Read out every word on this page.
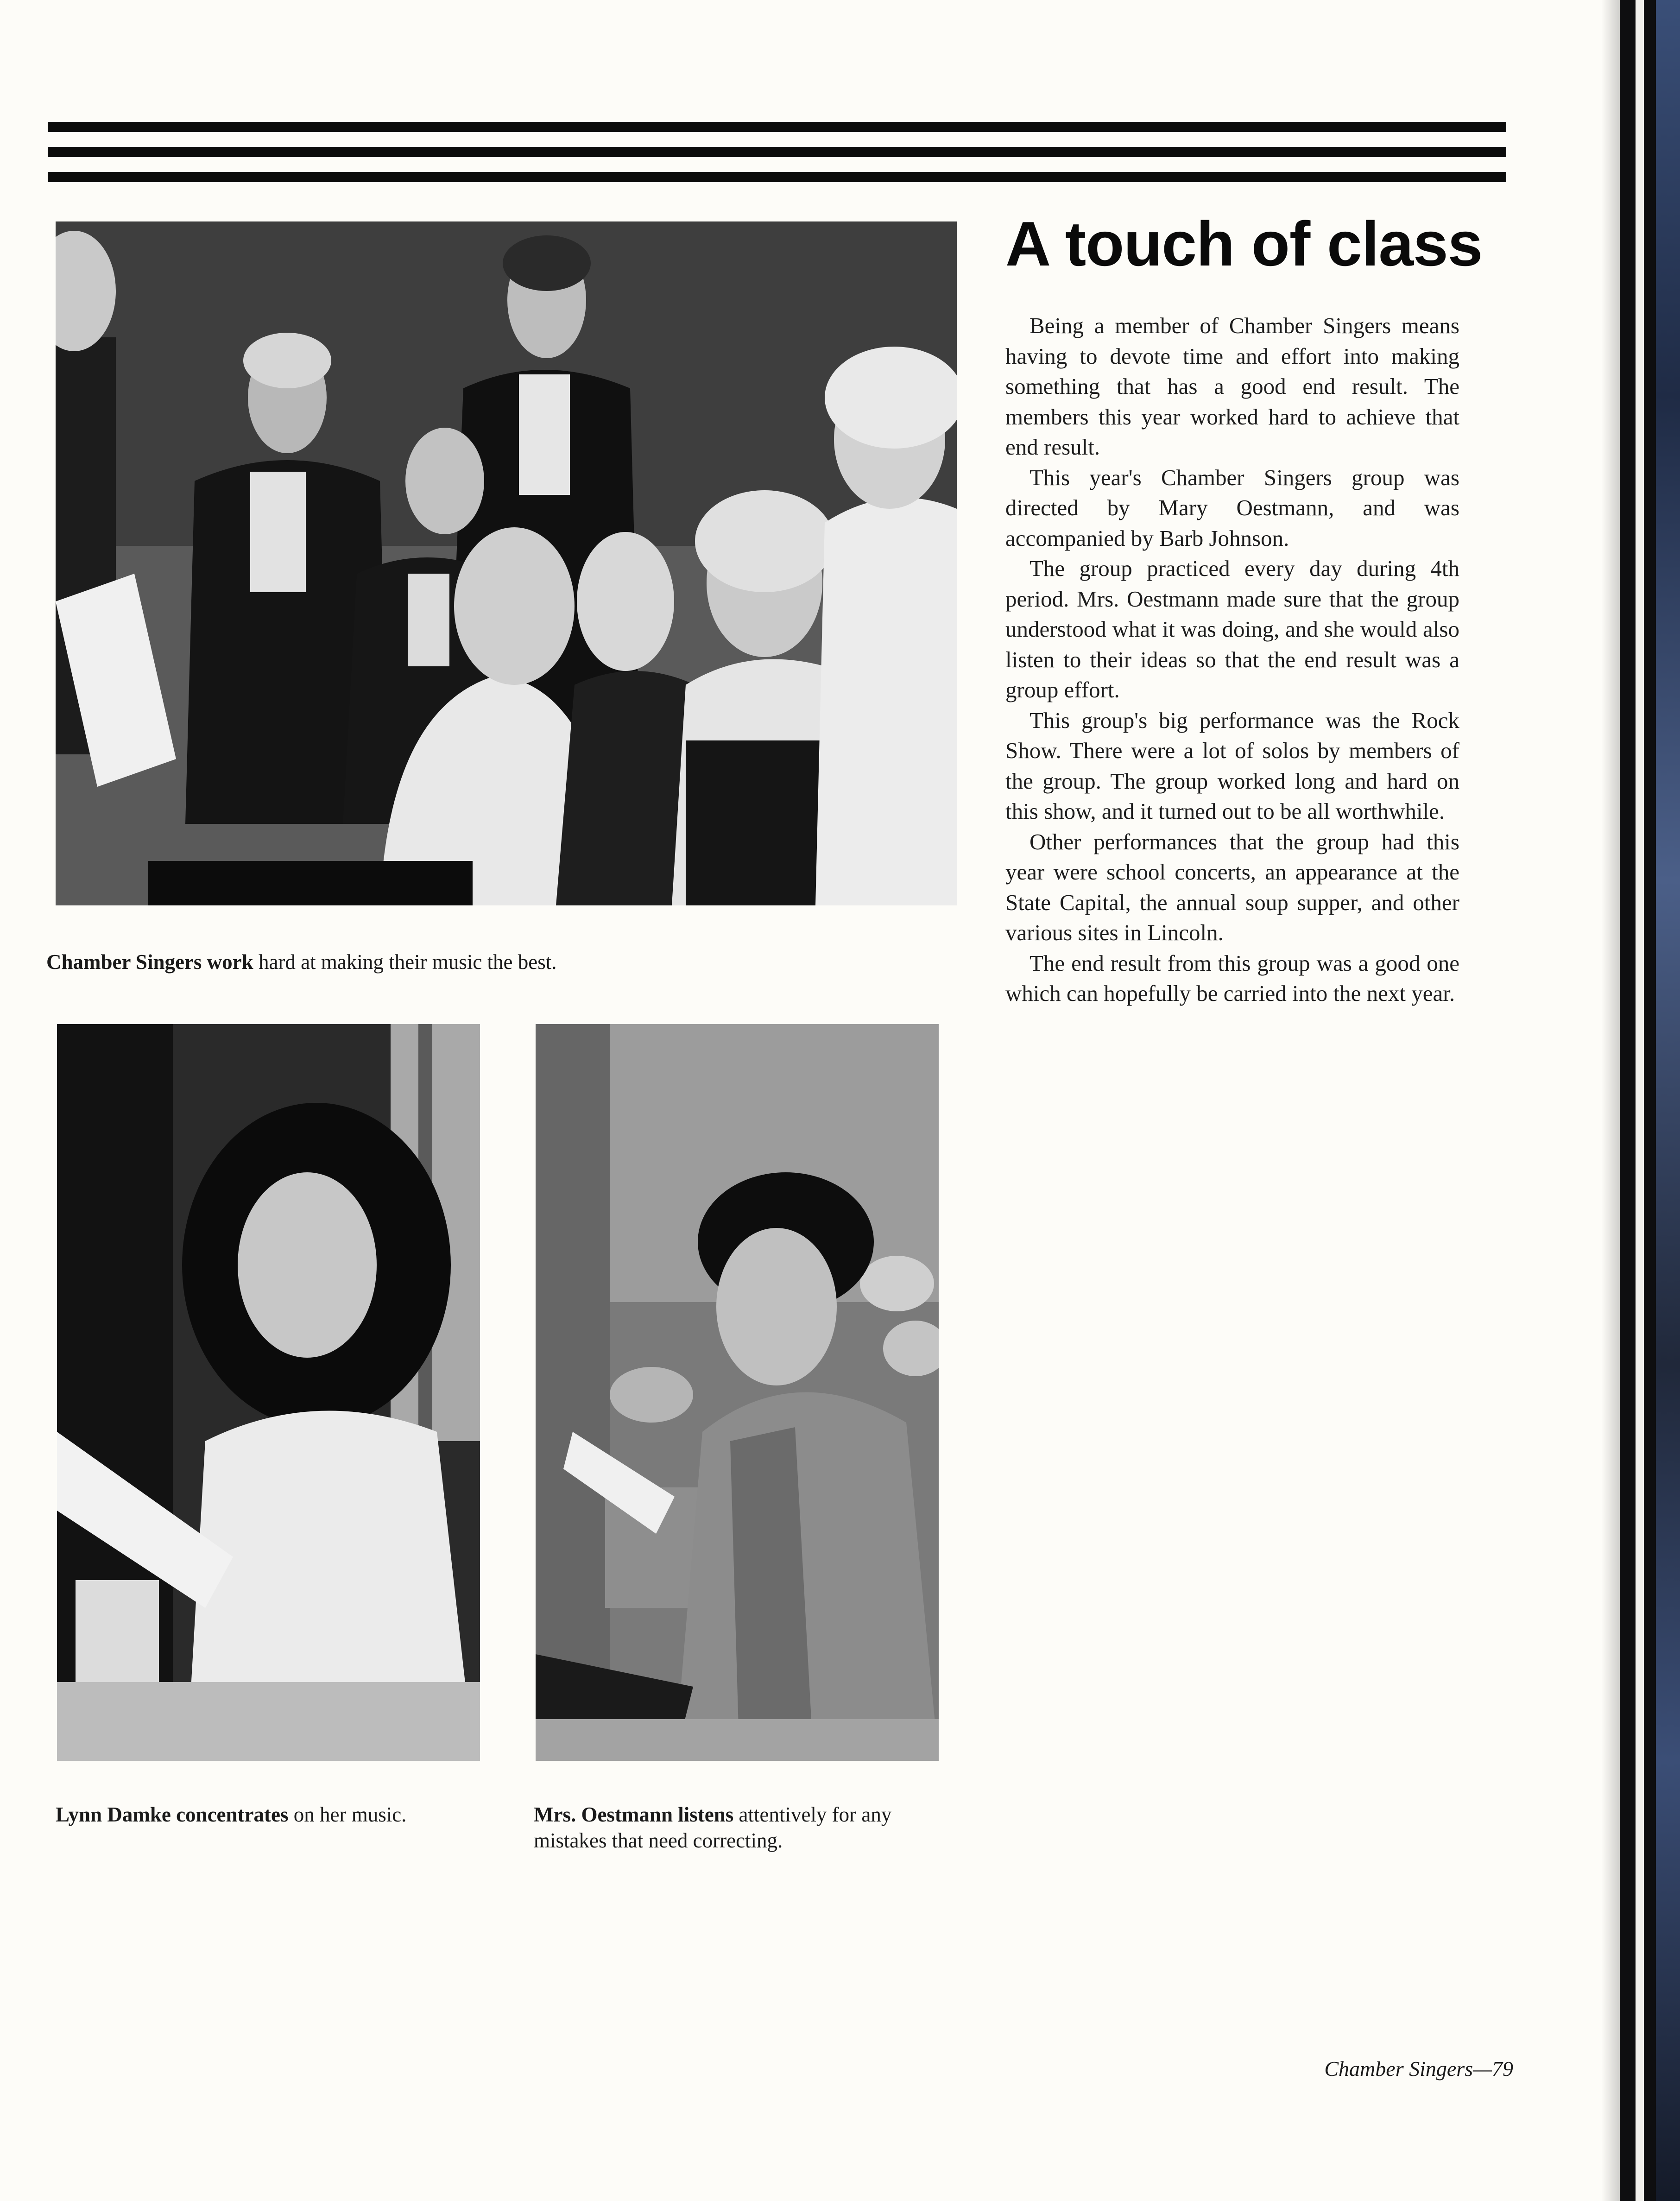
Chamber Singers work hard at making their music the best.
Lynn Damke concentrates on her music.	Mrs. Oestmann listens attentively for any mistakes that need correcting.
A touch of class

Being a member of Chamber Singers means having to devote time and effort into making something that has a good end result. The members this year worked hard to achieve that end result.

This year's Chamber Singers group was directed by Mary Oestmann, and was accompanied by Barb Johnson.

The group practiced every day during 4th period. Mrs. Oestmann made sure that the group understood what it was doing, and she would also listen to their ideas so that the end result was a group effort.

This group's big performance was the Rock Show. There were a lot of solos by members of the group. The group worked long and hard on this show, and it turned out to be all worthwhile.

Other performances that the group had this year were school concerts, an appearance at the State Capital, the annual soup supper, and other various sites in Lincoln.

The end result from this group was a good one which can hopefully be carried into the next year.

Chamber Singers—79
